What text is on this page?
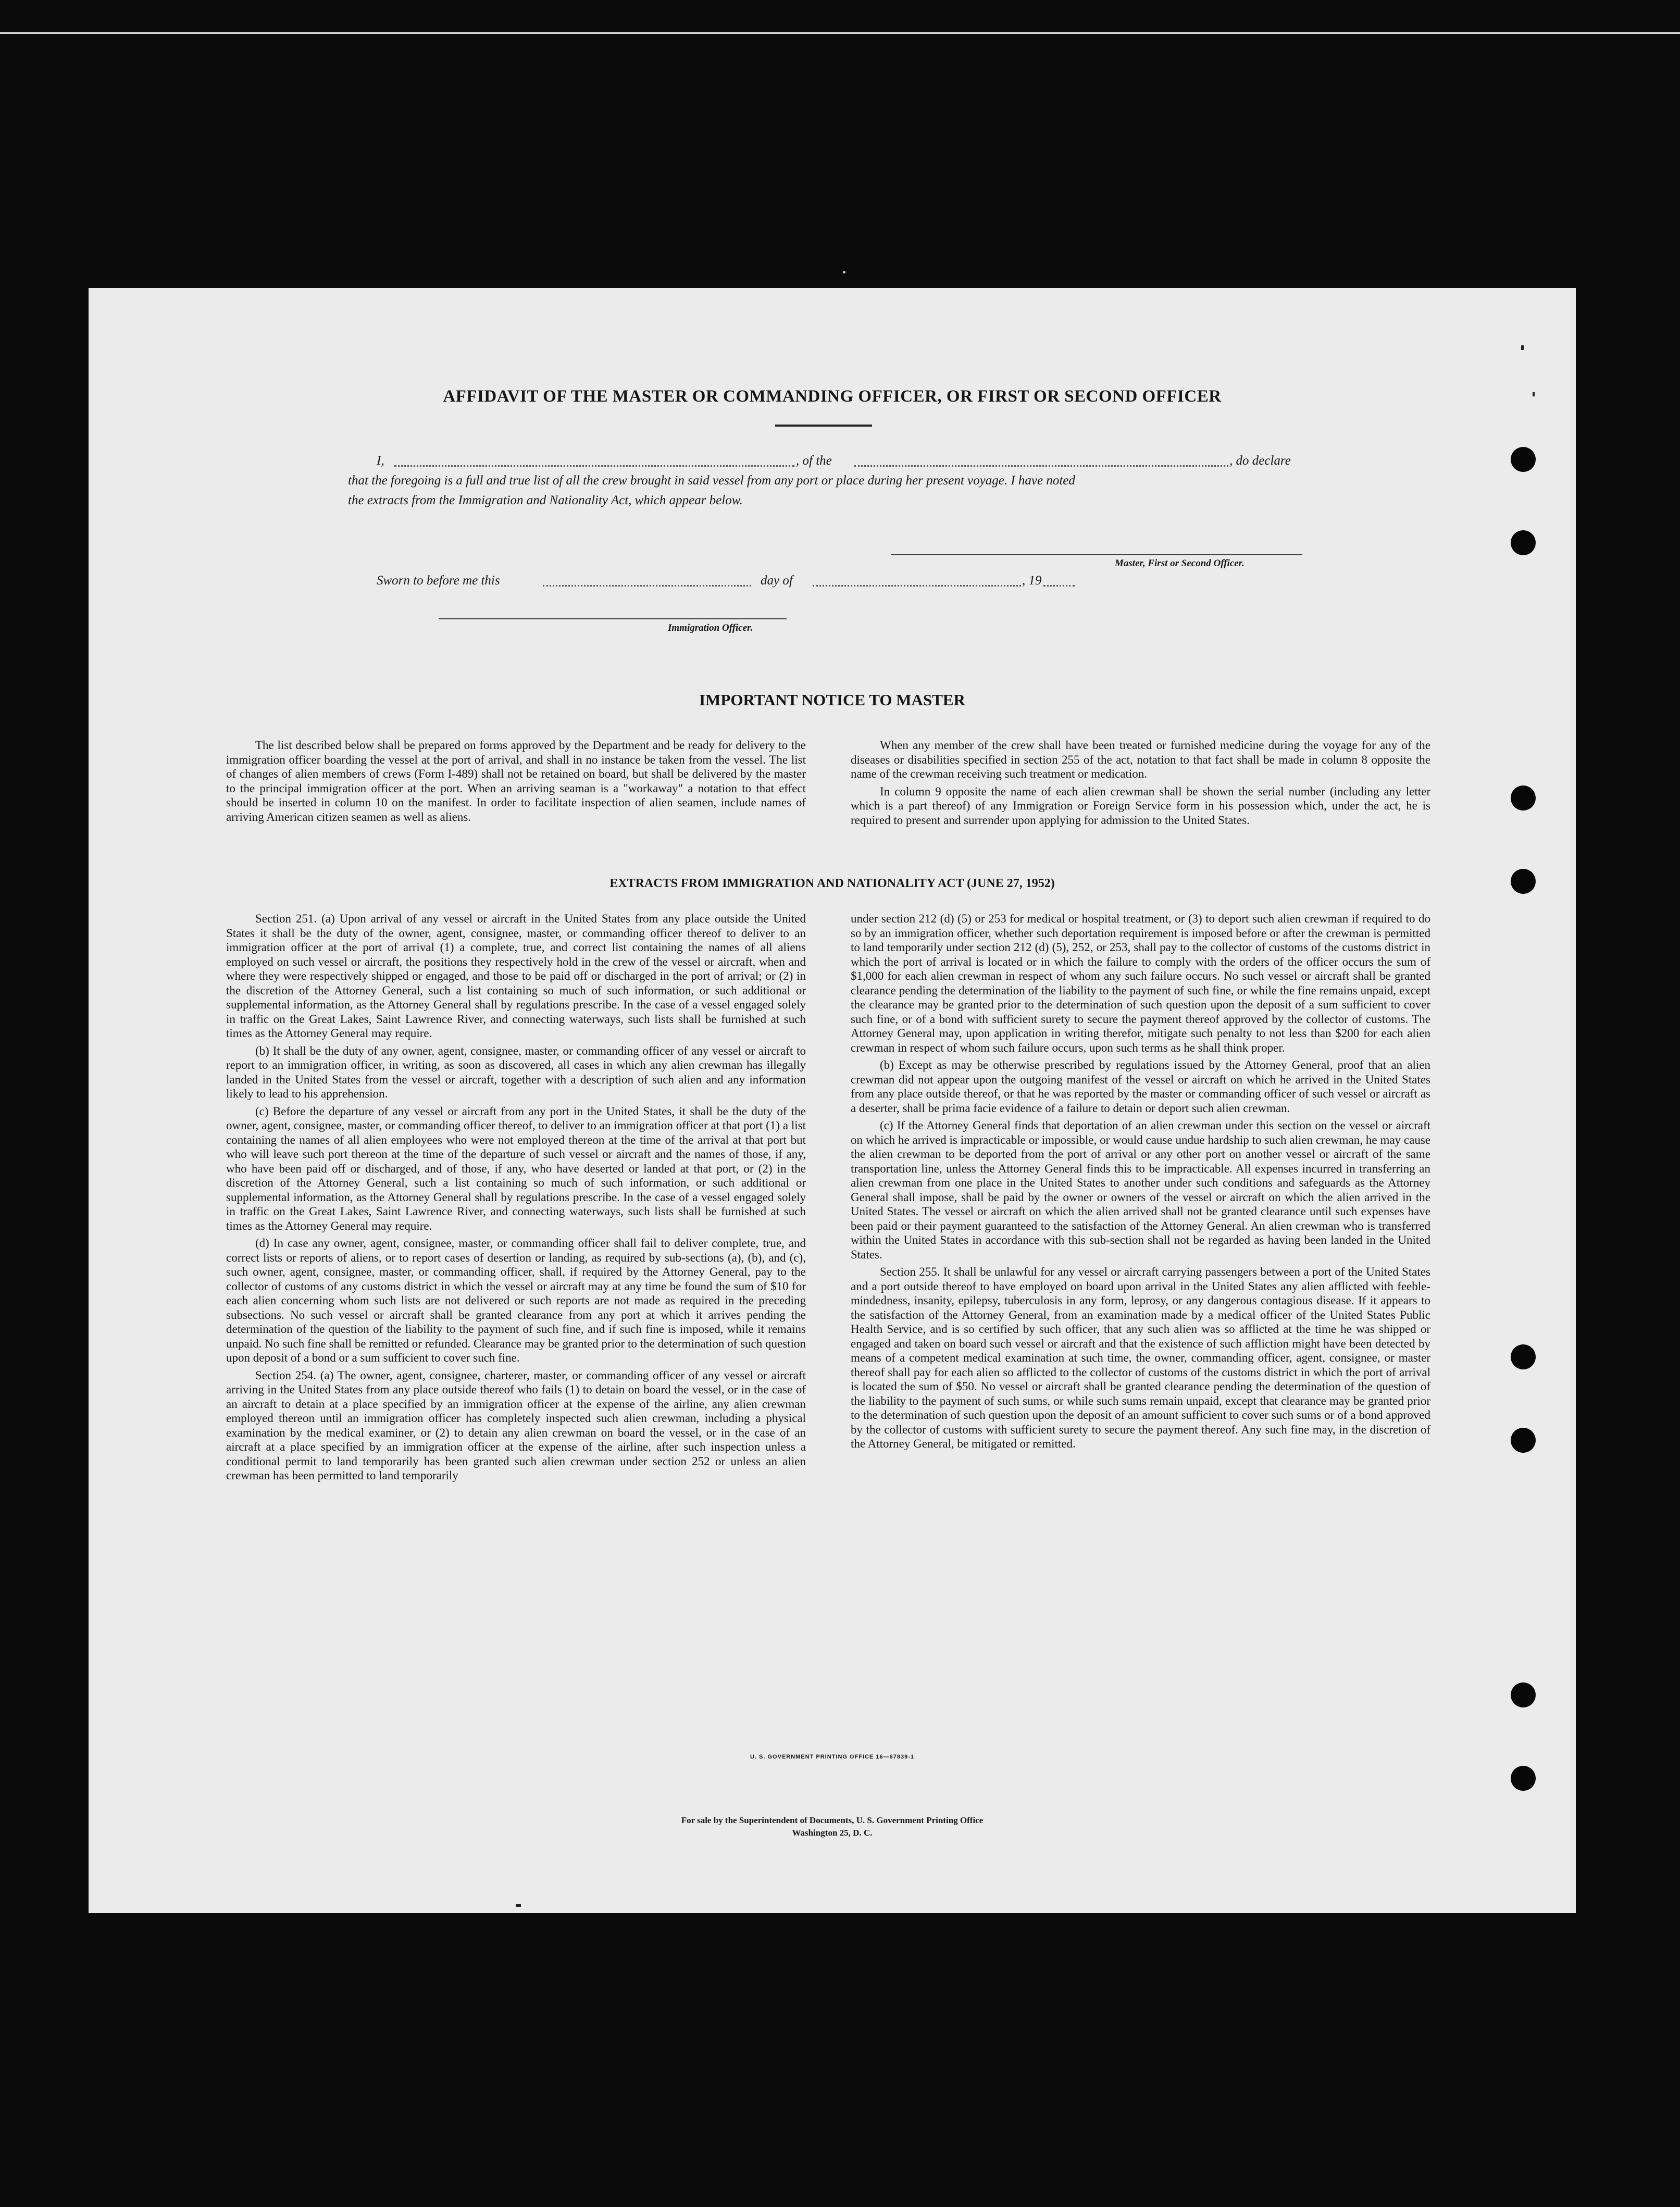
AFFIDAVIT OF THE MASTER OR COMMANDING OFFICER, OR FIRST OR SECOND OFFICER
I,	, of the	, do declare
that the foregoing is a full and true list of all the crew brought in said vessel from any port or place during her present voyage. I have noted
the extracts from the Immigration and Nationality Act, which appear below.
Master, First or Second Officer.
Sworn to before me this	day of	, 19
Immigration Officer.
IMPORTANT NOTICE TO MASTER

The list described below shall be prepared on forms approved by the Department and be ready for delivery to the immigration officer boarding the vessel at the port of arrival, and shall in no instance be taken from the vessel. The list of changes of alien members of crews (Form I-489) shall not be retained on board, but shall be delivered by the master to the principal immigration officer at the port. When an arriving seaman is a "workaway" a notation to that effect should be inserted in column 10 on the manifest. In order to facilitate inspection of alien seamen, include names of arriving American citizen seamen as well as aliens.

When any member of the crew shall have been treated or furnished medicine during the voyage for any of the diseases or disabilities specified in section 255 of the act, notation to that fact shall be made in column 8 opposite the name of the crewman receiving such treatment or medication.

In column 9 opposite the name of each alien crewman shall be shown the serial number (including any letter which is a part thereof) of any Immigration or Foreign Service form in his possession which, under the act, he is required to present and surrender upon applying for admission to the United States.

EXTRACTS FROM IMMIGRATION AND NATIONALITY ACT (JUNE 27, 1952)

Section 251. (a) Upon arrival of any vessel or aircraft in the United States from any place outside the United States it shall be the duty of the owner, agent, consignee, master, or commanding officer thereof to deliver to an immigration officer at the port of arrival (1) a complete, true, and correct list containing the names of all aliens employed on such vessel or aircraft, the positions they respectively hold in the crew of the vessel or aircraft, when and where they were respectively shipped or engaged, and those to be paid off or discharged in the port of arrival; or (2) in the discretion of the Attorney General, such a list containing so much of such information, or such additional or supplemental information, as the Attorney General shall by regulations prescribe. In the case of a vessel engaged solely in traffic on the Great Lakes, Saint Lawrence River, and connecting waterways, such lists shall be furnished at such times as the Attorney General may require.

(b) It shall be the duty of any owner, agent, consignee, master, or commanding officer of any vessel or aircraft to report to an immigration officer, in writing, as soon as discovered, all cases in which any alien crewman has illegally landed in the United States from the vessel or aircraft, together with a description of such alien and any information likely to lead to his apprehension.

(c) Before the departure of any vessel or aircraft from any port in the United States, it shall be the duty of the owner, agent, consignee, master, or commanding officer thereof, to deliver to an immigration officer at that port (1) a list containing the names of all alien employees who were not employed thereon at the time of the arrival at that port but who will leave such port thereon at the time of the departure of such vessel or aircraft and the names of those, if any, who have been paid off or discharged, and of those, if any, who have deserted or landed at that port, or (2) in the discretion of the Attorney General, such a list containing so much of such information, or such additional or supplemental information, as the Attorney General shall by regulations prescribe. In the case of a vessel engaged solely in traffic on the Great Lakes, Saint Lawrence River, and connecting waterways, such lists shall be furnished at such times as the Attorney General may require.

(d) In case any owner, agent, consignee, master, or commanding officer shall fail to deliver complete, true, and correct lists or reports of aliens, or to report cases of desertion or landing, as required by sub-sections (a), (b), and (c), such owner, agent, consignee, master, or commanding officer, shall, if required by the Attorney General, pay to the collector of customs of any customs district in which the vessel or aircraft may at any time be found the sum of $10 for each alien concerning whom such lists are not delivered or such reports are not made as required in the preceding subsections. No such vessel or aircraft shall be granted clearance from any port at which it arrives pending the determination of the question of the liability to the payment of such fine, and if such fine is imposed, while it remains unpaid. No such fine shall be remitted or refunded. Clearance may be granted prior to the determination of such question upon deposit of a bond or a sum sufficient to cover such fine.

Section 254. (a) The owner, agent, consignee, charterer, master, or commanding officer of any vessel or aircraft arriving in the United States from any place outside thereof who fails (1) to detain on board the vessel, or in the case of an aircraft to detain at a place specified by an immigration officer at the expense of the airline, any alien crewman employed thereon until an immigration officer has completely inspected such alien crewman, including a physical examination by the medical examiner, or (2) to detain any alien crewman on board the vessel, or in the case of an aircraft at a place specified by an immigration officer at the expense of the airline, after such inspection unless a conditional permit to land temporarily has been granted such alien crewman under section 252 or unless an alien crewman has been permitted to land temporarily

under section 212 (d) (5) or 253 for medical or hospital treatment, or (3) to deport such alien crewman if required to do so by an immigration officer, whether such deportation requirement is imposed before or after the crewman is permitted to land temporarily under section 212 (d) (5), 252, or 253, shall pay to the collector of customs of the customs district in which the port of arrival is located or in which the failure to comply with the orders of the officer occurs the sum of $1,000 for each alien crewman in respect of whom any such failure occurs. No such vessel or aircraft shall be granted clearance pending the determination of the liability to the payment of such fine, or while the fine remains unpaid, except the clearance may be granted prior to the determination of such question upon the deposit of a sum sufficient to cover such fine, or of a bond with sufficient surety to secure the payment thereof approved by the collector of customs. The Attorney General may, upon application in writing therefor, mitigate such penalty to not less than $200 for each alien crewman in respect of whom such failure occurs, upon such terms as he shall think proper.

(b) Except as may be otherwise prescribed by regulations issued by the Attorney General, proof that an alien crewman did not appear upon the outgoing manifest of the vessel or aircraft on which he arrived in the United States from any place outside thereof, or that he was reported by the master or commanding officer of such vessel or aircraft as a deserter, shall be prima facie evidence of a failure to detain or deport such alien crewman.

(c) If the Attorney General finds that deportation of an alien crewman under this section on the vessel or aircraft on which he arrived is impracticable or impossible, or would cause undue hardship to such alien crewman, he may cause the alien crewman to be deported from the port of arrival or any other port on another vessel or aircraft of the same transportation line, unless the Attorney General finds this to be impracticable. All expenses incurred in transferring an alien crewman from one place in the United States to another under such conditions and safeguards as the Attorney General shall impose, shall be paid by the owner or owners of the vessel or aircraft on which the alien arrived in the United States. The vessel or aircraft on which the alien arrived shall not be granted clearance until such expenses have been paid or their payment guaranteed to the satisfaction of the Attorney General. An alien crewman who is transferred within the United States in accordance with this sub-section shall not be regarded as having been landed in the United States.

Section 255. It shall be unlawful for any vessel or aircraft carrying passengers between a port of the United States and a port outside thereof to have employed on board upon arrival in the United States any alien afflicted with feeble-mindedness, insanity, epilepsy, tuberculosis in any form, leprosy, or any dangerous contagious disease. If it appears to the satisfaction of the Attorney General, from an examination made by a medical officer of the United States Public Health Service, and is so certified by such officer, that any such alien was so afflicted at the time he was shipped or engaged and taken on board such vessel or aircraft and that the existence of such affliction might have been detected by means of a competent medical examination at such time, the owner, commanding officer, agent, consignee, or master thereof shall pay for each alien so afflicted to the collector of customs of the customs district in which the port of arrival is located the sum of $50. No vessel or aircraft shall be granted clearance pending the determination of the question of the liability to the payment of such sums, or while such sums remain unpaid, except that clearance may be granted prior to the determination of such question upon the deposit of an amount sufficient to cover such sums or of a bond approved by the collector of customs with sufficient surety to secure the payment thereof. Any such fine may, in the discretion of the Attorney General, be mitigated or remitted.

U. S. GOVERNMENT PRINTING OFFICE 16—67839-1
For sale by the Superintendent of Documents, U. S. Government Printing Office
Washington 25, D. C.
